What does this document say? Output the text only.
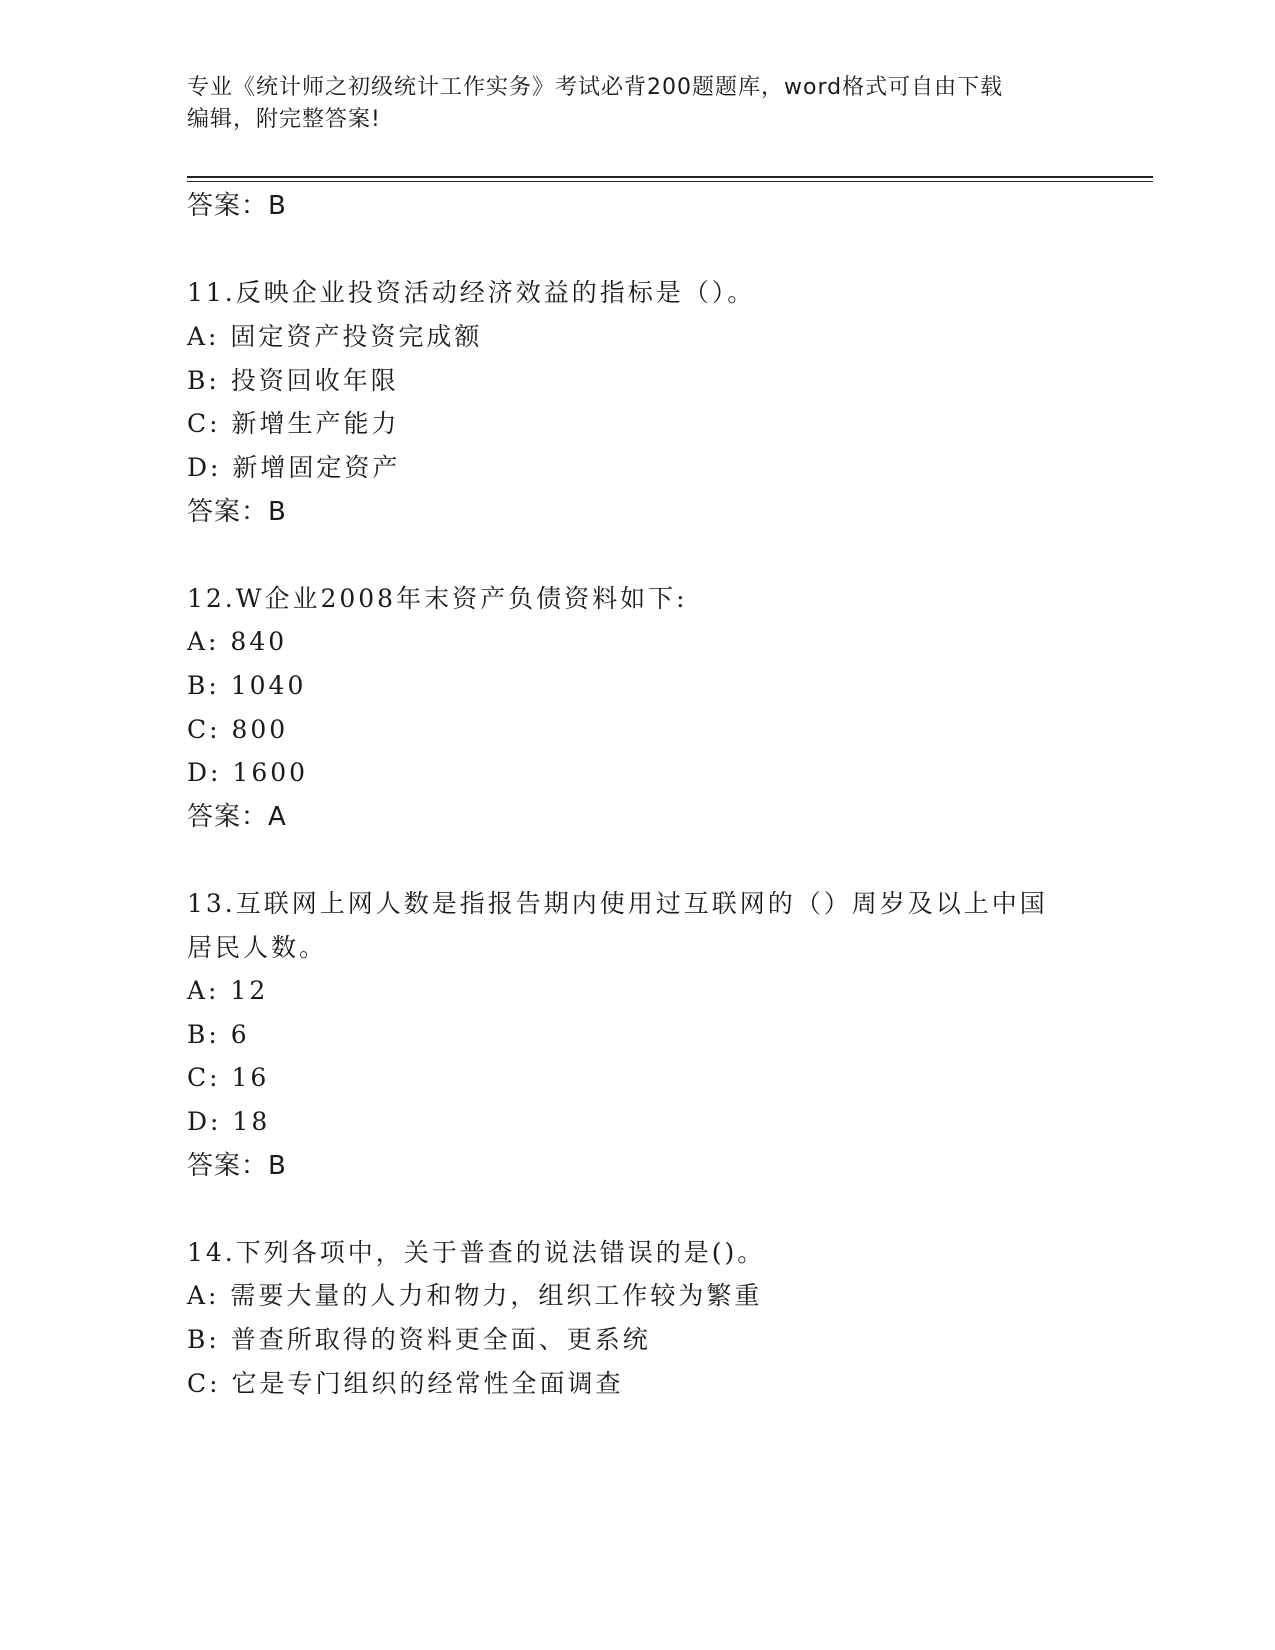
专业《统计师之初级统计工作实务》考试必背200题题库，word格式可自由下载
编辑，附完整答案!
答案：B
11.反映企业投资活动经济效益的指标是（）。
A: 固定资产投资完成额
B: 投资回收年限
C: 新增生产能力
D: 新增固定资产
答案：B
12.W企业2008年末资产负债资料如下:
A: 840
B: 1040
C: 800
D: 1600
答案：A
13.互联网上网人数是指报告期内使用过互联网的（）周岁及以上中国
居民人数。
A: 12
B: 6
C: 16
D: 18
答案：B
14.下列各项中，关于普查的说法错误的是()。
A: 需要大量的人力和物力，组织工作较为繁重
B: 普查所取得的资料更全面、更系统
C: 它是专门组织的经常性全面调查
